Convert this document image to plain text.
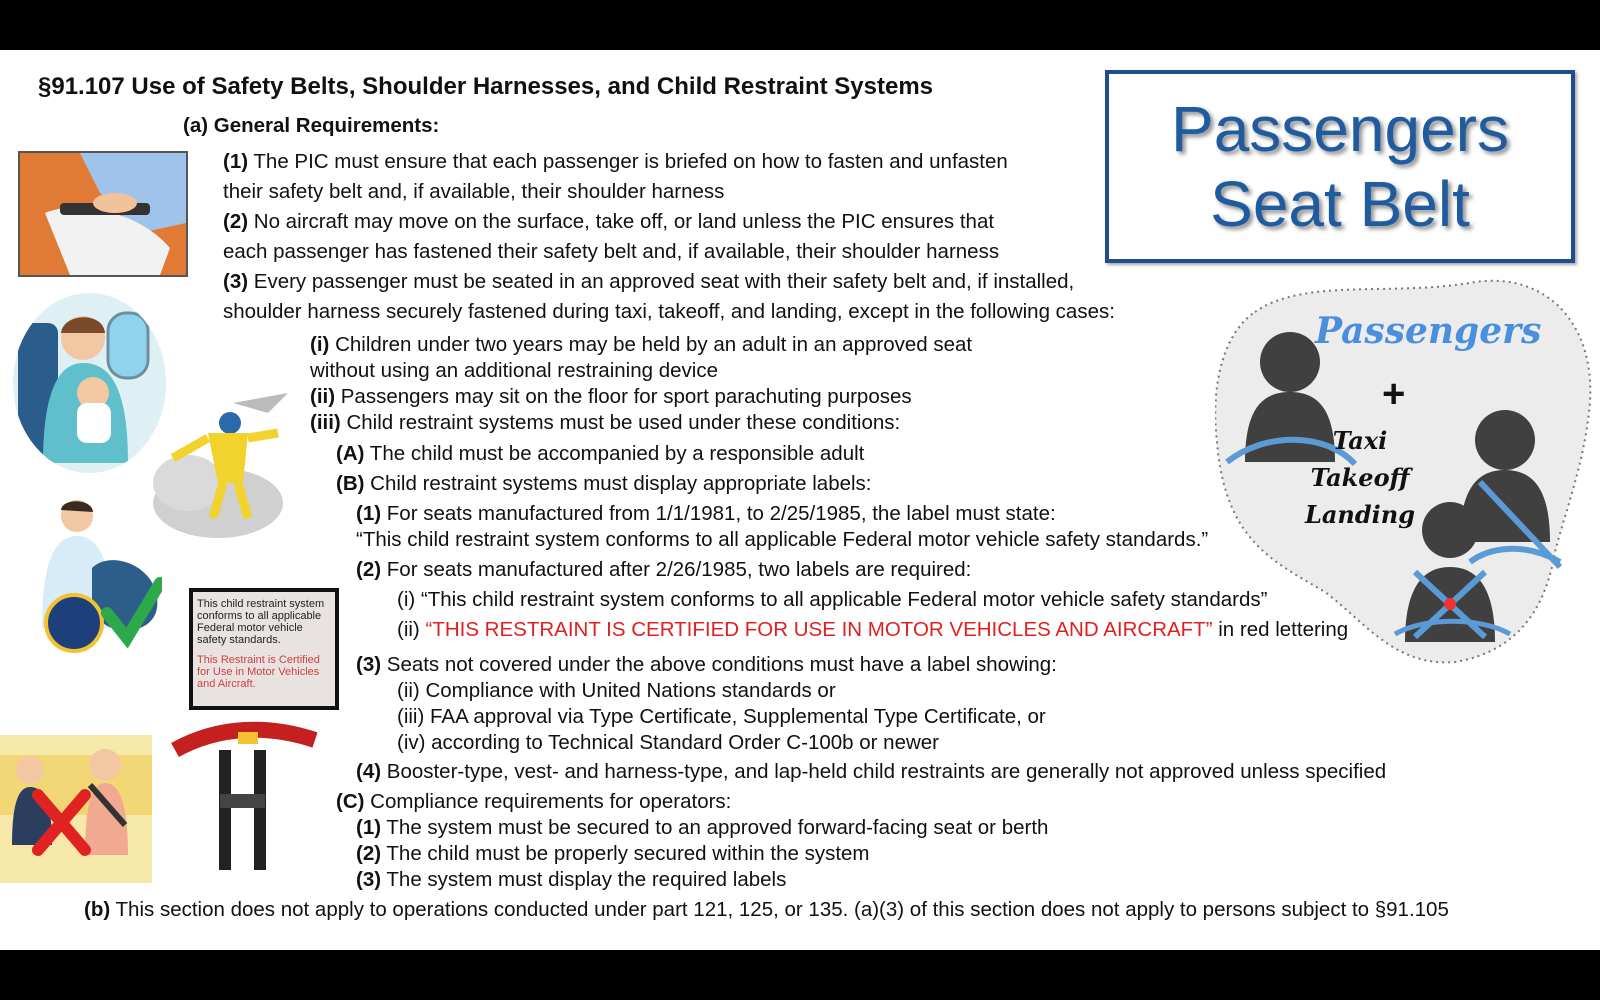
§91.107 Use of Safety Belts, Shoulder Harnesses, and Child Restraint Systems
(a) General Requirements:	Passengers
Seat Belt
Passengers
+
Taxi
Takeoff
Landing
This child restraint system conforms to all applicable Federal motor vehicle safety standards.
This Restraint is Certified for Use in Motor Vehicles and Aircraft.
(1) The PIC must ensure that each passenger is briefed on how to fasten and unfasten
their safety belt and, if available, their shoulder harness
(2) No aircraft may move on the surface, take off, or land unless the PIC ensures that
each passenger has fastened their safety belt and, if available, their shoulder harness
(3) Every passenger must be seated in an approved seat with their safety belt and, if installed,
shoulder harness securely fastened during taxi, takeoff, and landing, except in the following cases:
(i) Children under two years may be held by an adult in an approved seat
without using an additional restraining device
(ii) Passengers may sit on the floor for sport parachuting purposes
(iii) Child restraint systems must be used under these conditions:
(A) The child must be accompanied by a responsible adult
(B) Child restraint systems must display appropriate labels:
(1) For seats manufactured from 1/1/1981, to 2/25/1985, the label must state:
“This child restraint system conforms to all applicable Federal motor vehicle safety standards.”
(2) For seats manufactured after 2/26/1985, two labels are required:
(i) “This child restraint system conforms to all applicable Federal motor vehicle safety standards”
(ii) “THIS RESTRAINT IS CERTIFIED FOR USE IN MOTOR VEHICLES AND AIRCRAFT” in red lettering
(3) Seats not covered under the above conditions must have a label showing:
(ii) Compliance with United Nations standards or
(iii) FAA approval via Type Certificate, Supplemental Type Certificate, or
(iv) according to Technical Standard Order C-100b or newer
(4) Booster-type, vest- and harness-type, and lap-held child restraints are generally not approved unless specified
(C) Compliance requirements for operators:
(1) The system must be secured to an approved forward-facing seat or berth
(2) The child must be properly secured within the system
(3) The system must display the required labels
(b) This section does not apply to operations conducted under part 121, 125, or 135. (a)(3) of this section does not apply to persons subject to §91.105
